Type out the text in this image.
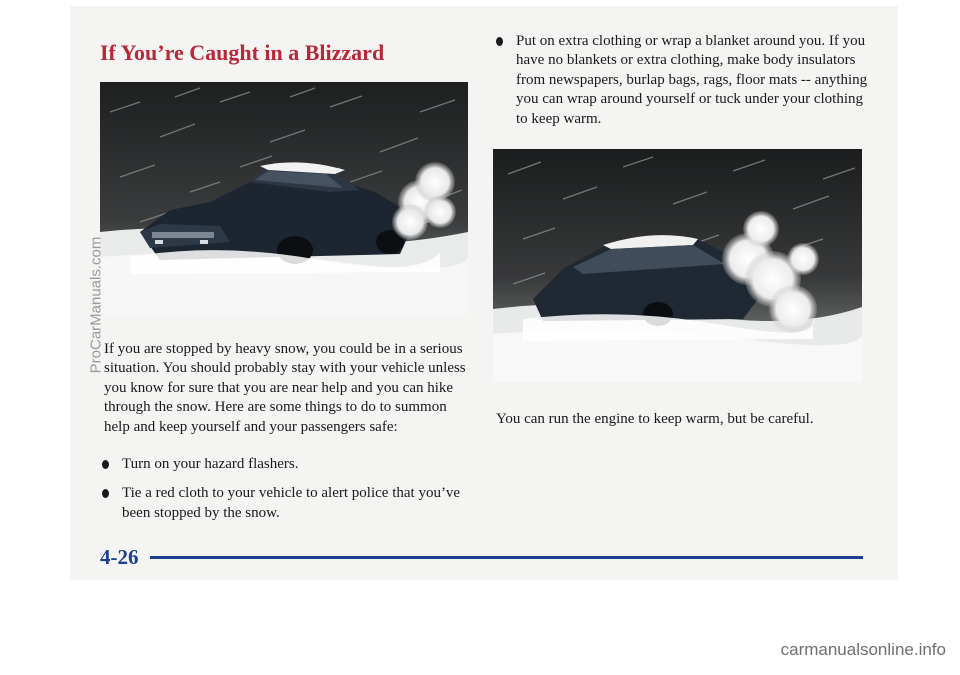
If You’re Caught in a Blizzard

If you are stopped by heavy snow, you could be in a serious situation. You should probably stay with your vehicle unless you know for sure that you are near help and you can hike through the snow. Here are some things to do to summon help and keep yourself and your passengers safe:

Turn on your hazard flashers.
Tie a red cloth to your vehicle to alert police that you’ve been stopped by the snow.
Put on extra clothing or wrap a blanket around you. If you have no blankets or extra clothing, make body insulators from newspapers, burlap bags, rags, floor mats -- anything you can wrap around yourself or tuck under your clothing to keep warm.

You can run the engine to keep warm, but be careful.

4-26
ProCarManuals.com
carmanualsonline.info
